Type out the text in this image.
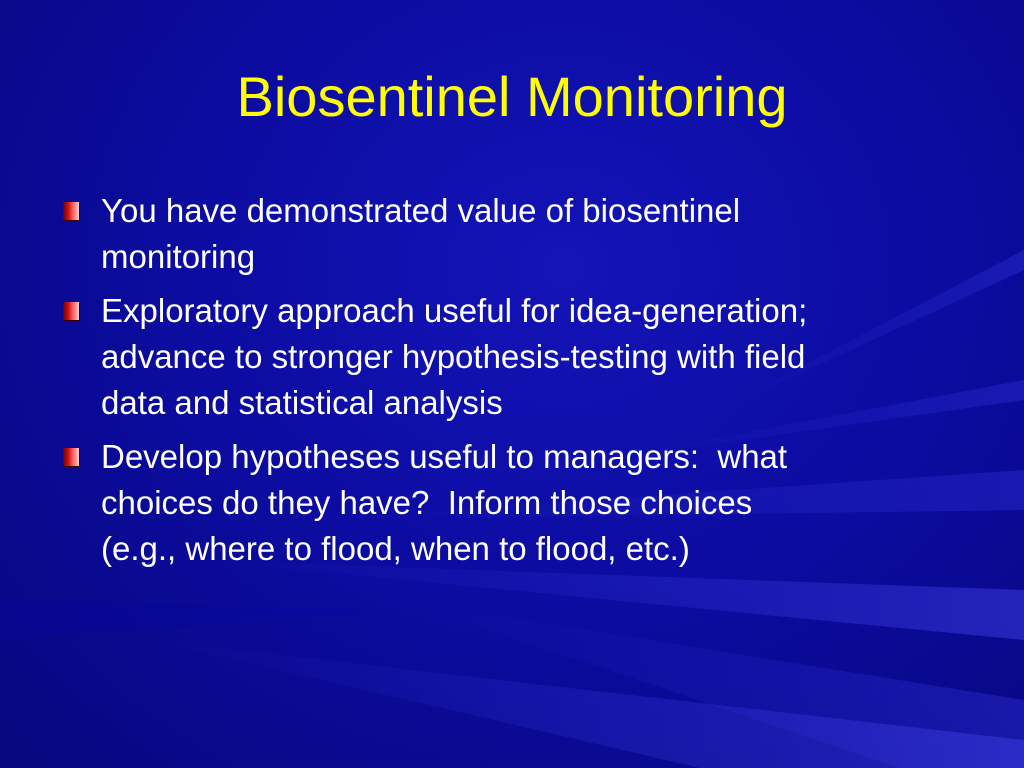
Biosentinel Monitoring
You have demonstrated value of biosentinel
monitoring
Exploratory approach useful for idea-generation;
advance to stronger hypothesis-testing with field
data and statistical analysis
Develop hypotheses useful to managers:  what
choices do they have?  Inform those choices
(e.g., where to flood, when to flood, etc.)
